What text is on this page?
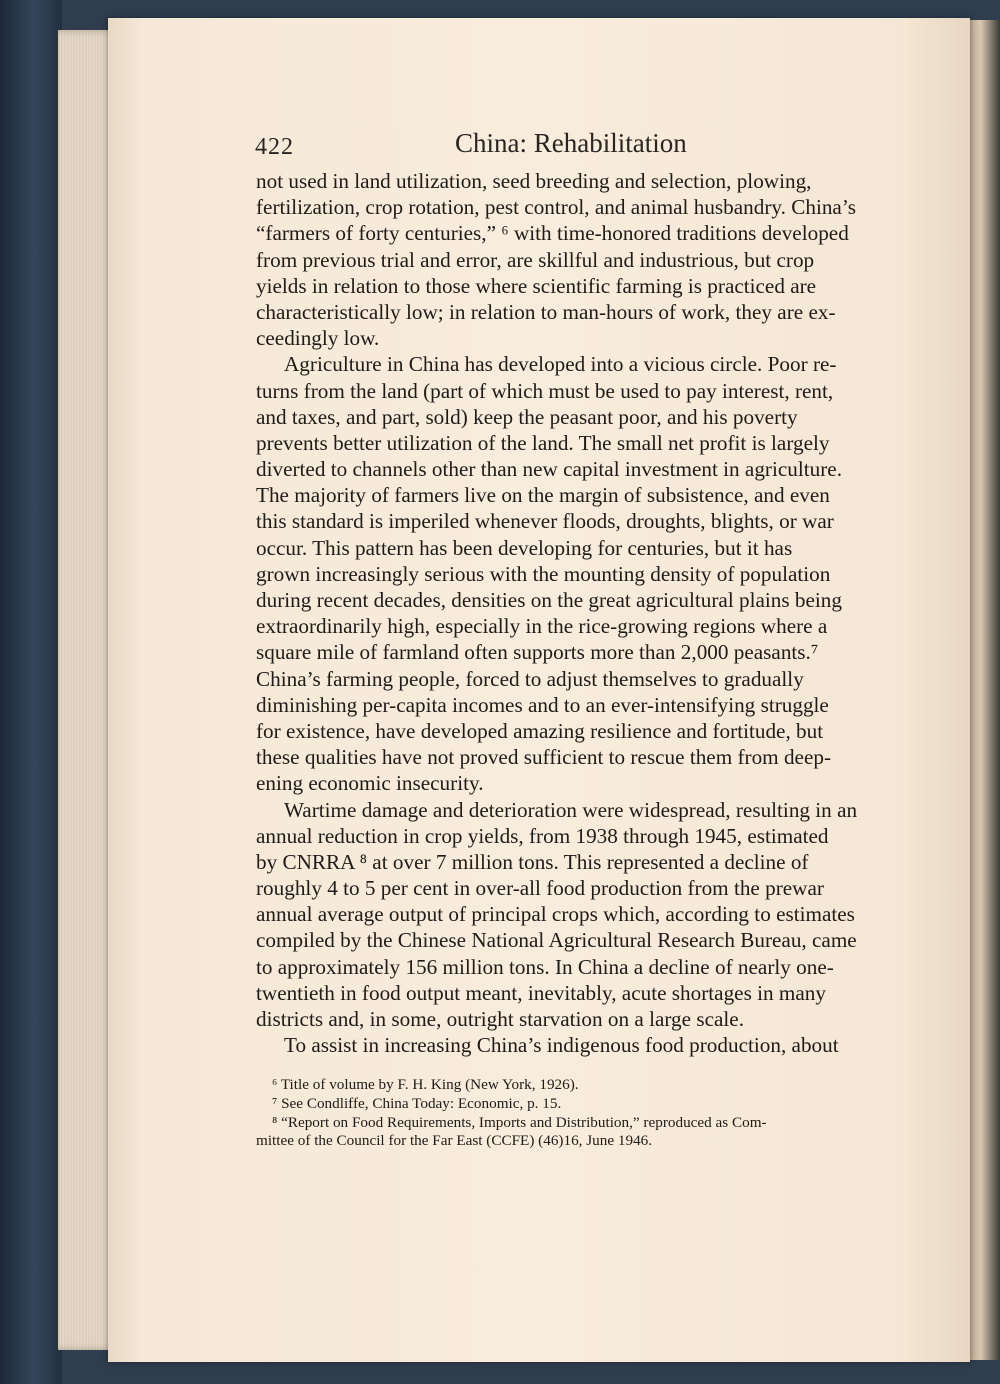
422	China: Rehabilitation
not used in land utilization, seed breeding and selection, plowing,
fertilization, crop rotation, pest control, and animal husbandry. China’s
“farmers of forty centuries,” ⁶ with time-honored traditions developed
from previous trial and error, are skillful and industrious, but crop
yields in relation to those where scientific farming is practiced are
characteristically low; in relation to man-hours of work, they are ex-
ceedingly low.
Agriculture in China has developed into a vicious circle. Poor re-
turns from the land (part of which must be used to pay interest, rent,
and taxes, and part, sold) keep the peasant poor, and his poverty
prevents better utilization of the land. The small net profit is largely
diverted to channels other than new capital investment in agriculture.
The majority of farmers live on the margin of subsistence, and even
this standard is imperiled whenever floods, droughts, blights, or war
occur. This pattern has been developing for centuries, but it has
grown increasingly serious with the mounting density of population
during recent decades, densities on the great agricultural plains being
extraordinarily high, especially in the rice-growing regions where a
square mile of farmland often supports more than 2,000 peasants.⁷
China’s farming people, forced to adjust themselves to gradually
diminishing per-capita incomes and to an ever-intensifying struggle
for existence, have developed amazing resilience and fortitude, but
these qualities have not proved sufficient to rescue them from deep-
ening economic insecurity.
Wartime damage and deterioration were widespread, resulting in an
annual reduction in crop yields, from 1938 through 1945, estimated
by CNRRA ⁸ at over 7 million tons. This represented a decline of
roughly 4 to 5 per cent in over-all food production from the prewar
annual average output of principal crops which, according to estimates
compiled by the Chinese National Agricultural Research Bureau, came
to approximately 156 million tons. In China a decline of nearly one-
twentieth in food output meant, inevitably, acute shortages in many
districts and, in some, outright starvation on a large scale.
To assist in increasing China’s indigenous food production, about
⁶ Title of volume by F. H. King (New York, 1926).
⁷ See Condliffe, China Today: Economic, p. 15.
⁸ “Report on Food Requirements, Imports and Distribution,” reproduced as Com-
mittee of the Council for the Far East (CCFE) (46)16, June 1946.
